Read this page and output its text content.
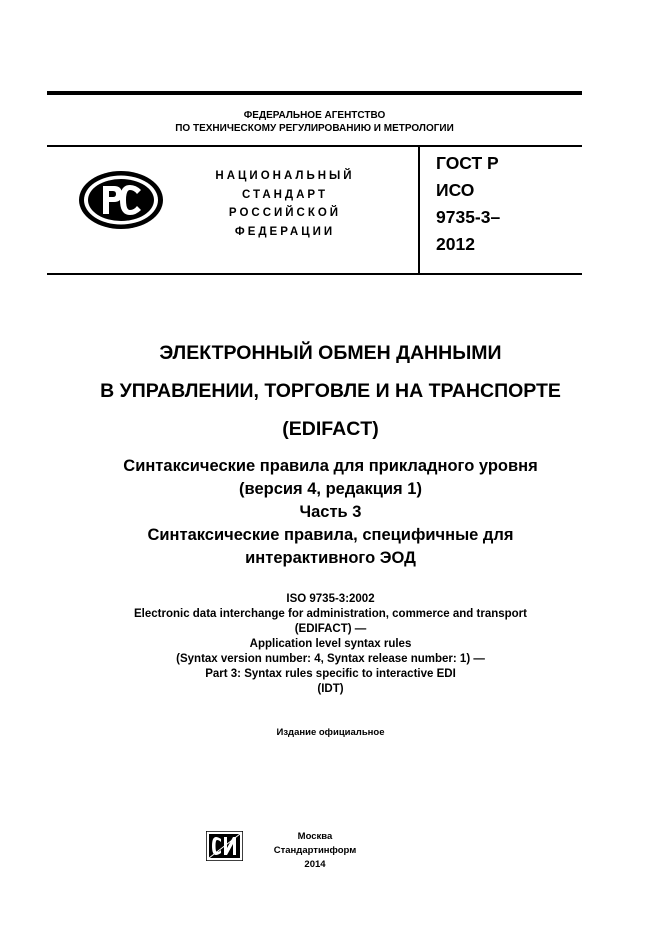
ФЕДЕРАЛЬНОЕ АГЕНТСТВО
ПО ТЕХНИЧЕСКОМУ РЕГУЛИРОВАНИЮ И МЕТРОЛОГИИ
НАЦИОНАЛЬНЫЙ
СТАНДАРТ
РОССИЙСКОЙ
ФЕДЕРАЦИИ
ГОСТ Р
ИСО
9735-3–
2012
ЭЛЕКТРОННЫЙ ОБМЕН ДАННЫМИ
В УПРАВЛЕНИИ, ТОРГОВЛЕ И НА ТРАНСПОРТЕ
(EDIFACT)
Синтаксические правила для прикладного уровня
(версия 4, редакция 1)
Часть 3
Синтаксические правила, специфичные для
интерактивного ЭОД
ISO 9735-3:2002
Electronic data interchange for administration, commerce and transport
(EDIFACT) —
Application level syntax rules
(Syntax version number: 4, Syntax release number: 1) —
Part 3: Syntax rules specific to interactive EDI
(IDT)
Издание официальное
Москва
Стандартинформ
2014
